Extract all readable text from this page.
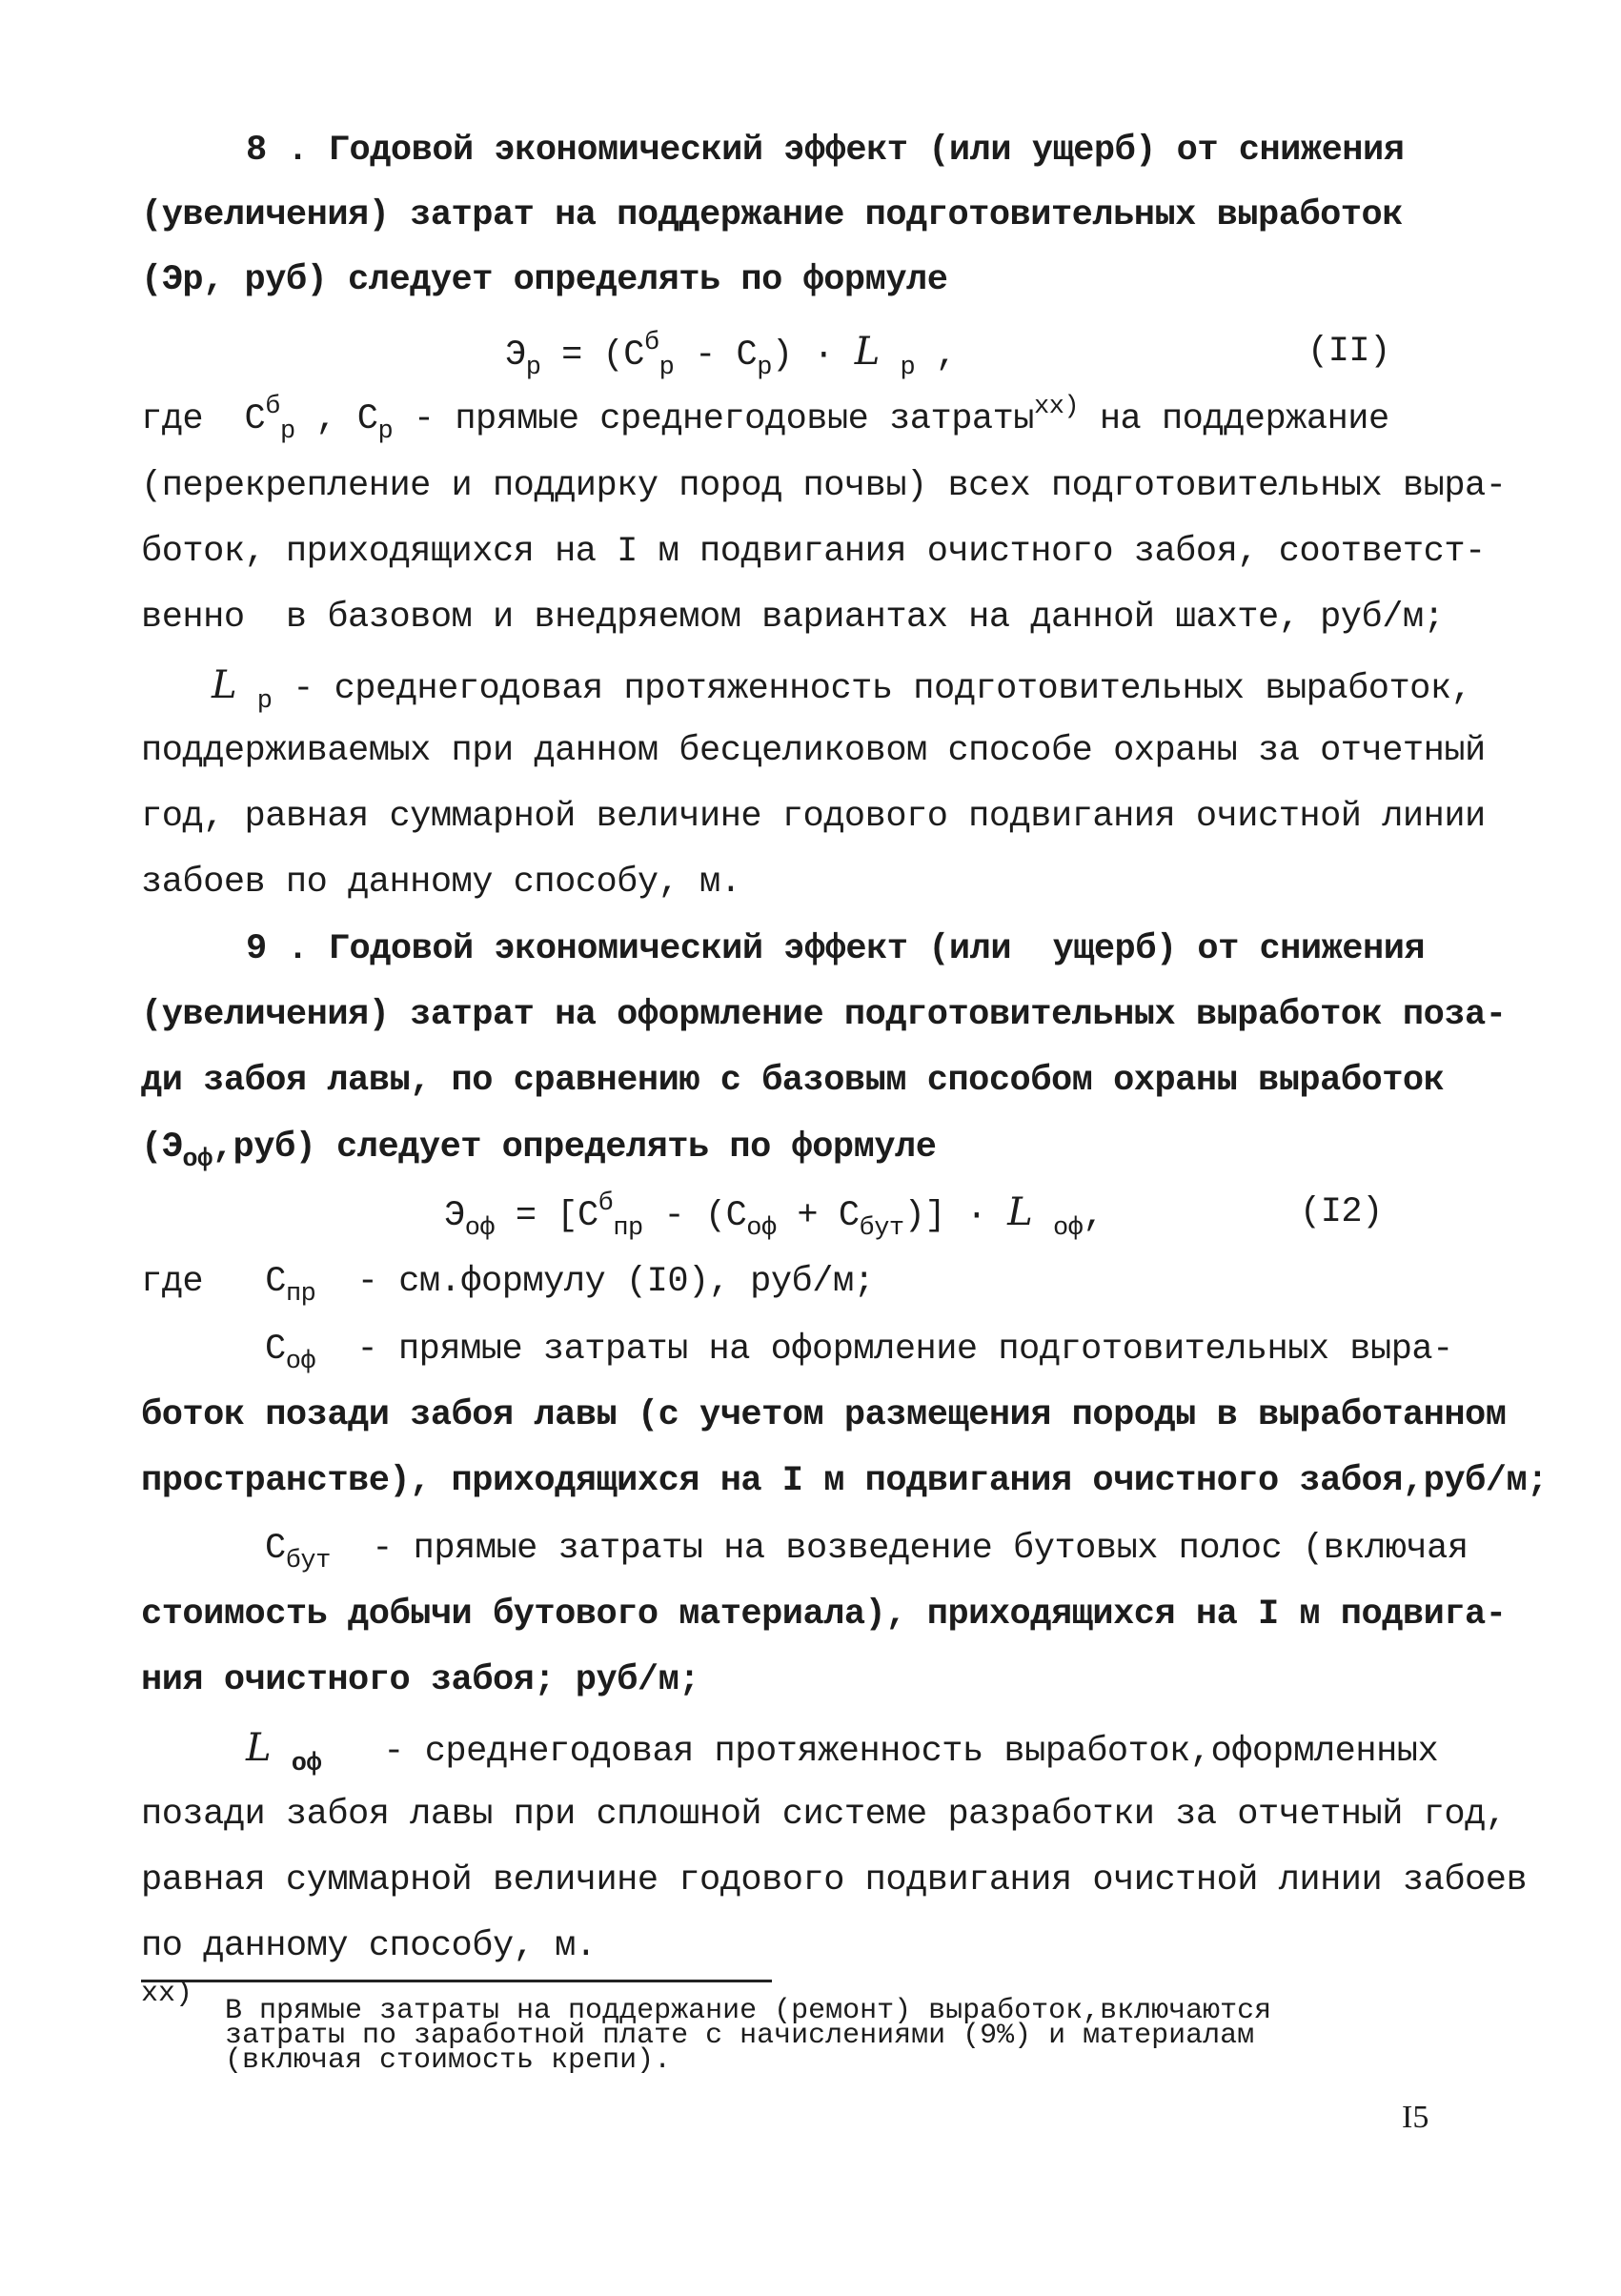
8 . Годовой экономический эффект (или ущерб) от снижения
(увеличения) затрат на поддержание подготовительных выработок
(Эр, руб) следует определять по формуле
$Э_р = (С^б_р - С_р) \cdot L$ $_р$ ,	(II)
где $С^б_р$ , $С_р$ - прямые среднегодовые затраты$^{хх)}$ на поддержание
(перекрепление и поддирку пород почвы) всех подготовительных выра-
боток, приходящихся на I м подвигания очистного забоя, соответст-
венно  в базовом и внедряемом вариантах на данной шахте, руб/м;
L $_р$ - среднегодовая протяженность подготовительных выработок,
поддерживаемых при данном бесцеликовом способе охраны за отчетный
год, равная суммарной величине годового подвигания очистной линии
забоев по данному способу, м.
9 . Годовой экономический эффект (или  ущерб) от снижения
(увеличения) затрат на оформление подготовительных выработок поза-
ди забоя лавы, по сравнению с базовым способом охраны выработок
$(Э_{оф},руб)$ следует определять по формуле
$Э_{оф} = [С^б_{пр} - (С_{оф} + С_{бут})] \cdot L$ $_{оф}$,	(I2)
где $С_{пр}$  - см.формулу (I0), руб/м;
$С_{оф}$  - прямые затраты на оформление подготовительных выра-
боток позади забоя лавы (с учетом размещения породы в выработанном
пространстве), приходящихся на I м подвигания очистного забоя,руб/м;
$С_{бут}$  - прямые затраты на возведение бутовых полос (включая
стоимость добычи бутового материала), приходящихся на I м подвига-
ния очистного забоя; руб/м;
L $_{оф}$   - среднегодовая протяженность выработок,оформленных
позади забоя лавы при сплошной системе разработки за отчетный год,
равная суммарной величине годового подвигания очистной линии забоев
по данному способу, м.
хх)
В прямые затраты на поддержание (ремонт) выработок,включаются
затраты по заработной плате с начислениями (9%) и материалам
(включая стоимость крепи).
I5
